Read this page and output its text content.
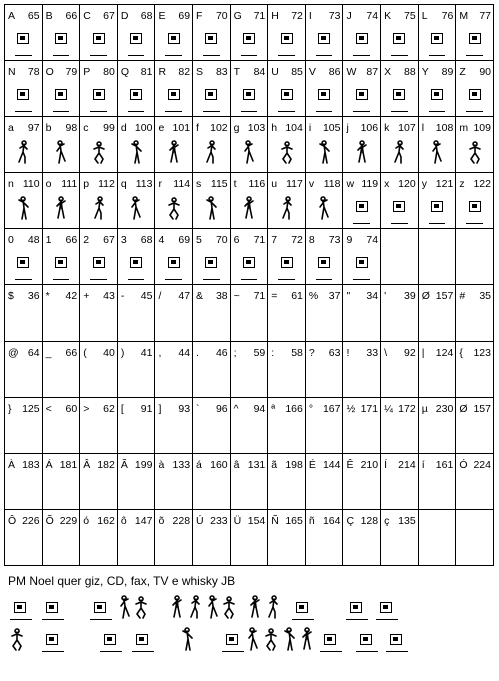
A 65	B 66	C 67	D 68	E 69	F 70	G 71	H 72	I 73	J 74	K 75	L 76	M 77

N 78	O 79	P 80	Q 81	R 82	S 83	T 84	U 85	V 86	W 87	X 88	Y 89	Z 90

a 97	b 98	c 99	d 100	e 101	f 102	g 103	h 104	i 105	j 106	k 107	l 108	m 109

n 110	o 111	p 112	q 113	r 114	s 115	t 116	u 117	v 118	w 119	x 120	y 121	z 122

0 48	1 66	2 67	3 68	4 69	5 70	6 71	7 72	8 73	9 74			

$ 36	* 42	+ 43	- 45	/ 47	& 38	~ 71	= 61	% 37	" 34	' 39	Ø 157	# 35

@ 64	_ 66	( 40	) 41	, 44	. 46	; 59	: 58	? 63	! 33	\ 92	| 124	{ 123

} 125	< 60	> 62	[ 91	] 93	` 96	^ 94	ª 166	° 167	½ 171	¼ 172	µ 230	Ø 157

À 183	Á 181	Â 182	Ã 199	à 133	á 160	â 131	ã 198	É 144	Ê 210	Í 214	í 161	Ó 224

Ô 226	Õ 229	ó 162	ô 147	õ 228	Ú 233	Ü 154	Ñ 165	ñ 164	Ç 128	ç 135		

PM Noel quer giz, CD, fax, TV e whisky JB
